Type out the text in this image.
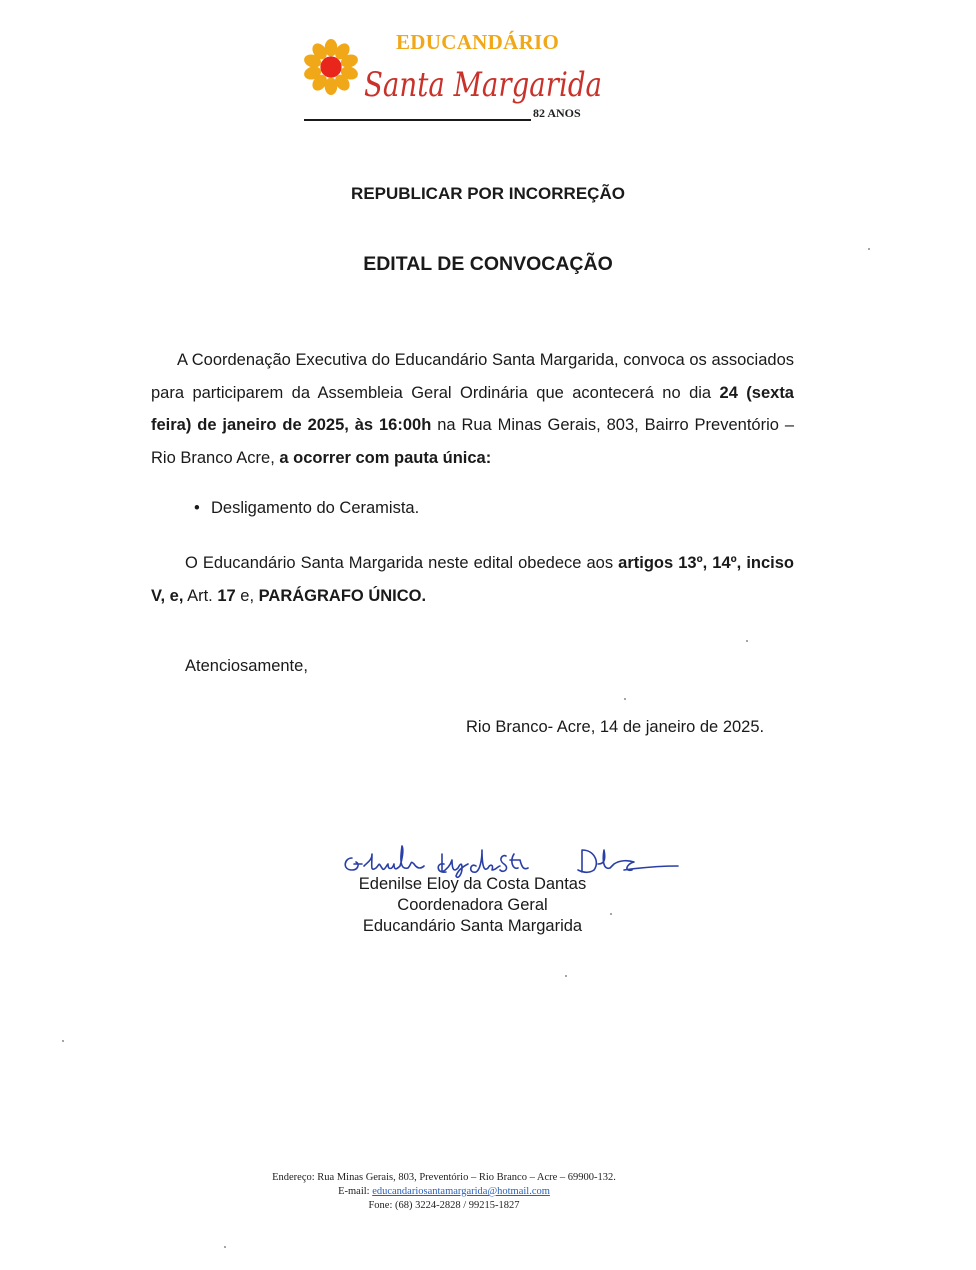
EDUCANDÁRIO
Santa Margarida
82 ANOS
REPUBLICAR POR INCORREÇÃO
EDITAL DE CONVOCAÇÃO
A Coordenação Executiva do Educandário Santa Margarida, convoca os associados para participarem da Assembleia Geral Ordinária que acontecerá no dia 24 (sexta feira) de janeiro de 2025, às 16:00h na Rua Minas Gerais, 803, Bairro Preventório – Rio Branco Acre, a ocorrer com pauta única:
• Desligamento do Ceramista.
O Educandário Santa Margarida neste edital obedece aos artigos 13º, 14º, inciso V, e, Art. 17 e, PARÁGRAFO ÚNICO.
Atenciosamente,
Rio Branco- Acre, 14 de janeiro de 2025.
Edenilse Eloy da Costa Dantas
Coordenadora Geral
Educandário Santa Margarida
Endereço: Rua Minas Gerais, 803, Preventório – Rio Branco – Acre – 69900-132.
E-mail: educandariosantamargarida@hotmail.com
Fone: (68) 3224-2828 / 99215-1827
